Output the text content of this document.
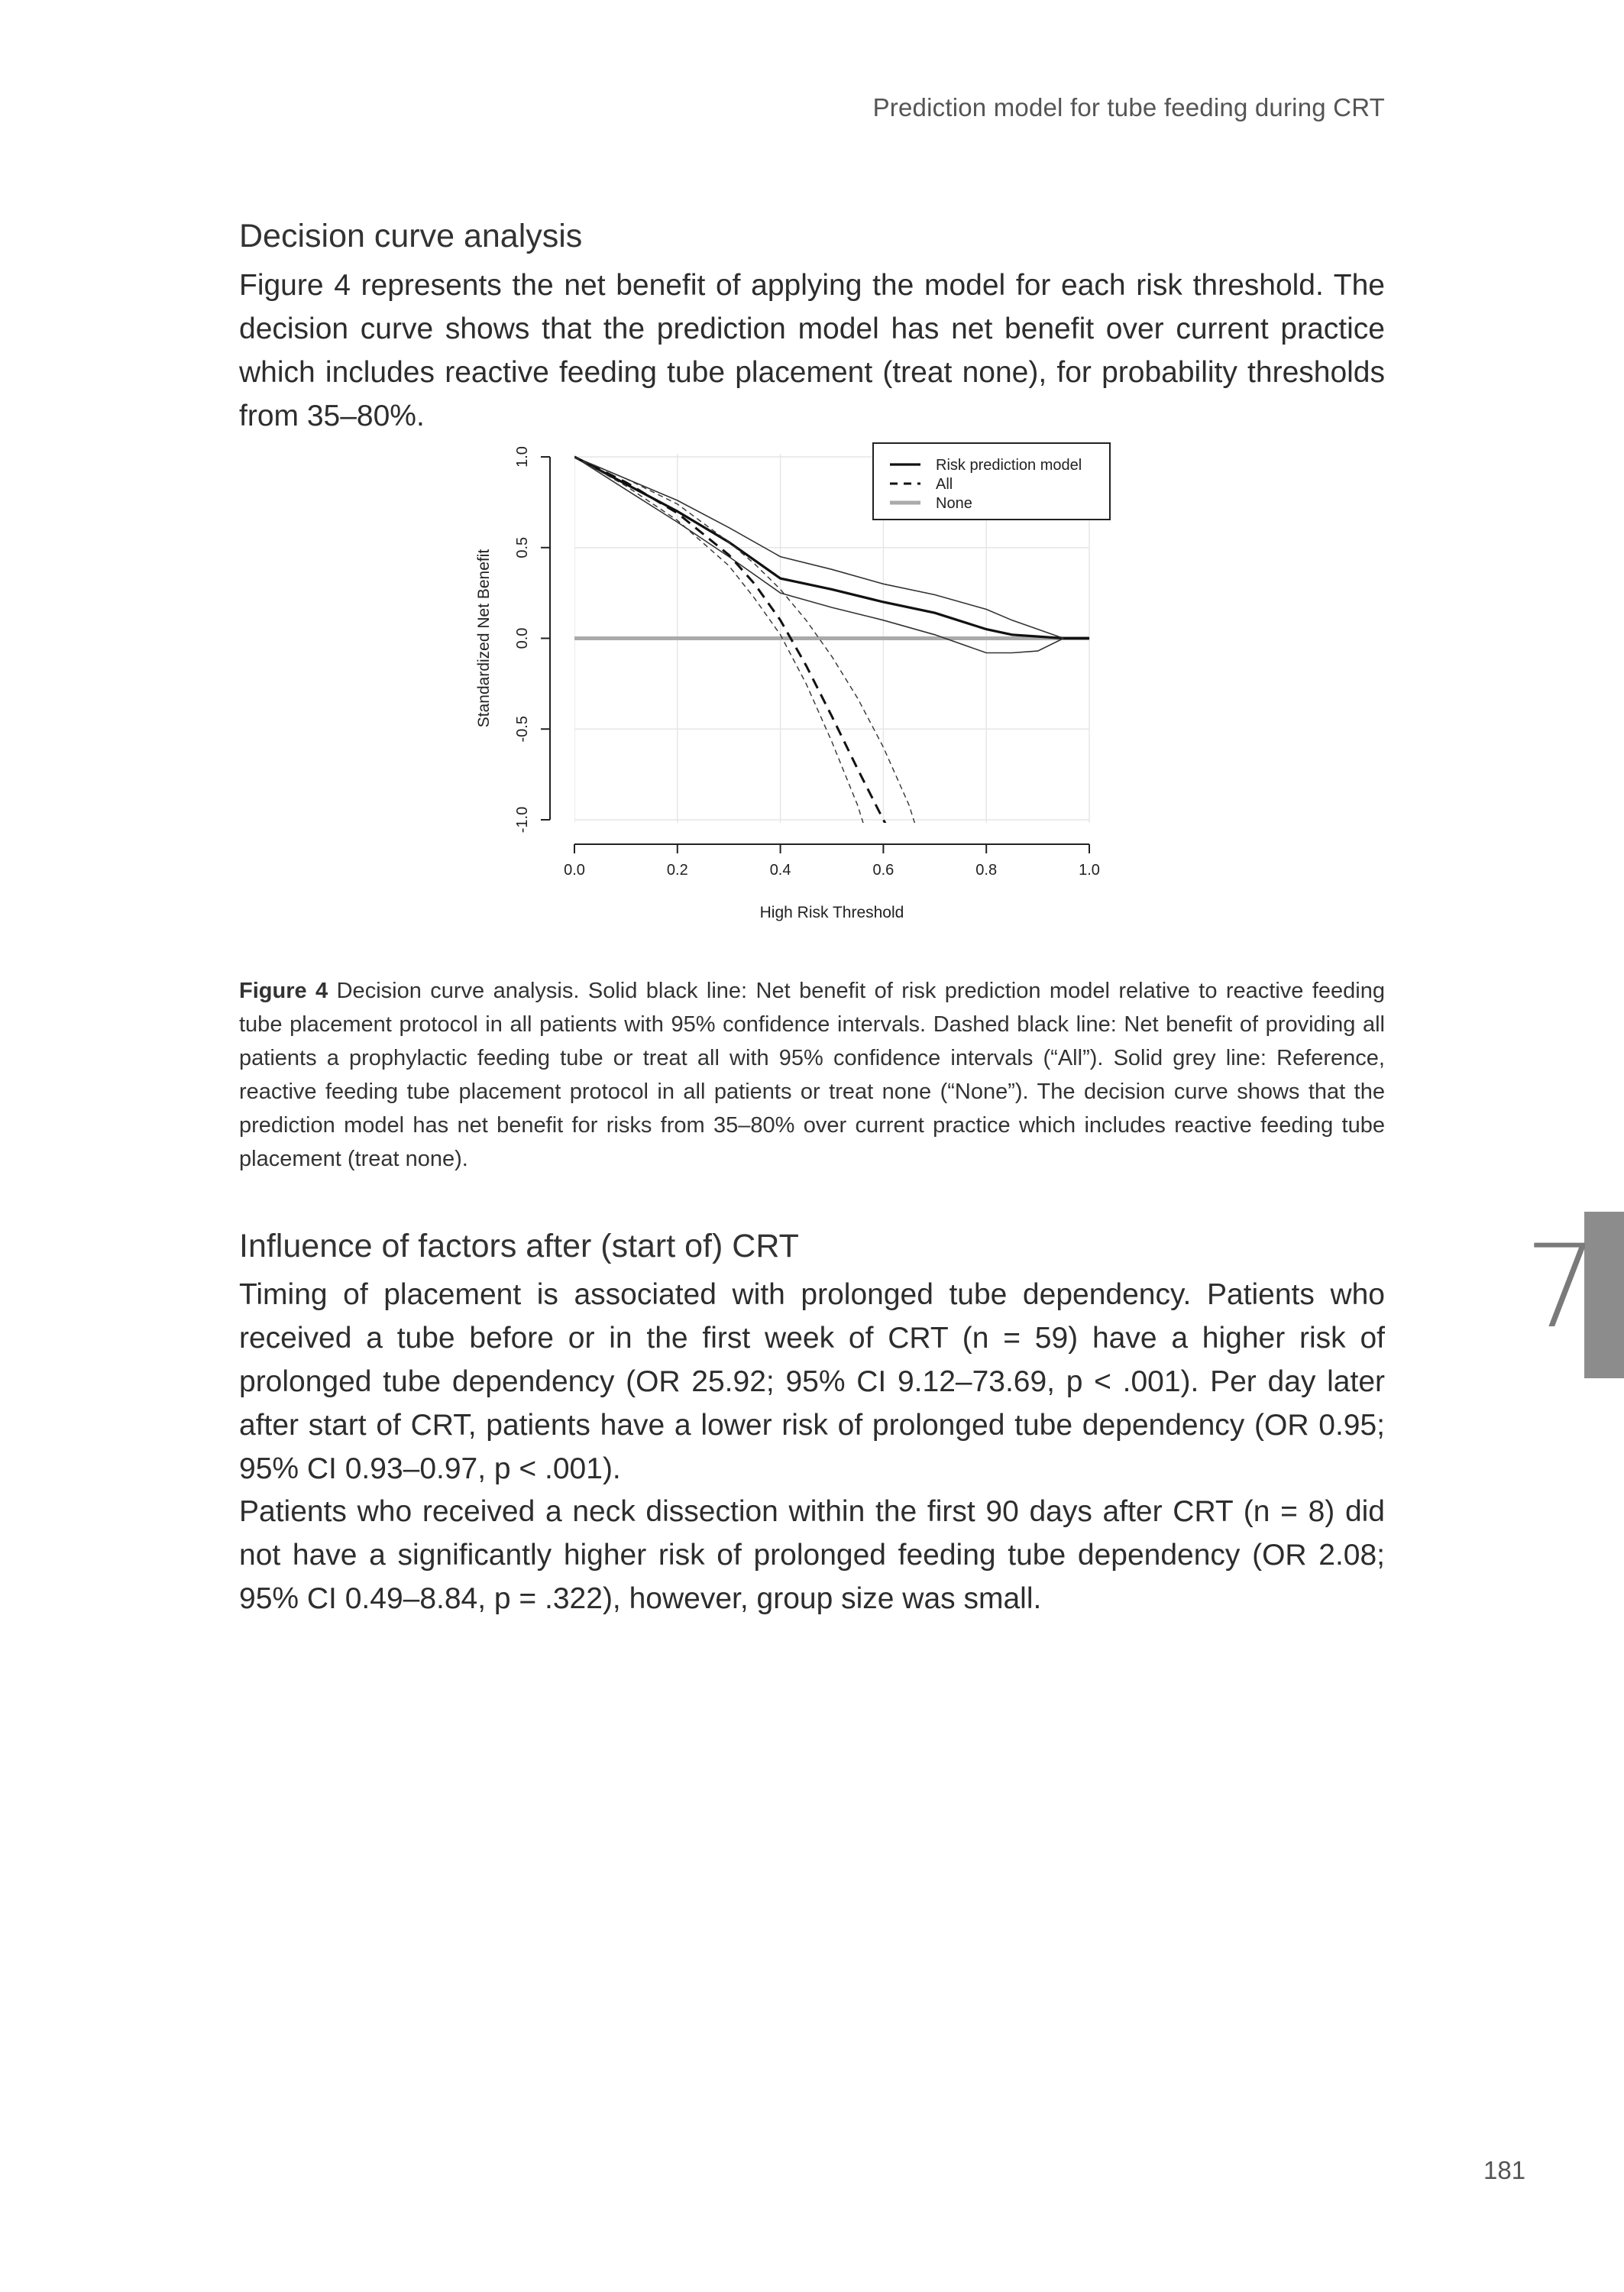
Prediction model for tube feeding during CRT
Decision curve analysis

Figure 4 represents the net benefit of applying the model for each risk threshold. The decision curve shows that the prediction model has net benefit over current practice which includes reactive feeding tube placement (treat none), for probability thresholds from 35–80%.

0.0	0.2	0.4	0.6	0.8	1.0
-1.0
-0.5
0.0
0.5
1.0
High Risk Threshold
Standardized Net Benefit
Risk prediction model
All
None

Figure 4 Decision curve analysis. Solid black line: Net benefit of risk prediction model relative to reactive feeding tube placement protocol in all patients with 95% confidence intervals. Dashed black line: Net benefit of providing all patients a prophylactic feeding tube or treat all with 95% confidence intervals (“All”). Solid grey line: Reference, reactive feeding tube placement protocol in all patients or treat none (“None”). The decision curve shows that the prediction model has net benefit for risks from 35–80% over current practice which includes reactive feeding tube placement (treat none).

Influence of factors after (start of) CRT

Timing of placement is associated with prolonged tube dependency. Patients who received a tube before or in the first week of CRT (n = 59) have a higher risk of prolonged tube dependency (OR 25.92; 95% CI 9.12–73.69, p < .001). Per day later after start of CRT, patients have a lower risk of prolonged tube dependency (OR 0.95; 95% CI 0.93–0.97, p < .001).

Patients who received a neck dissection within the first 90 days after CRT (n = 8) did not have a significantly higher risk of prolonged feeding tube dependency (OR 2.08; 95% CI 0.49–8.84, p = .322), however, group size was small.

7
181
